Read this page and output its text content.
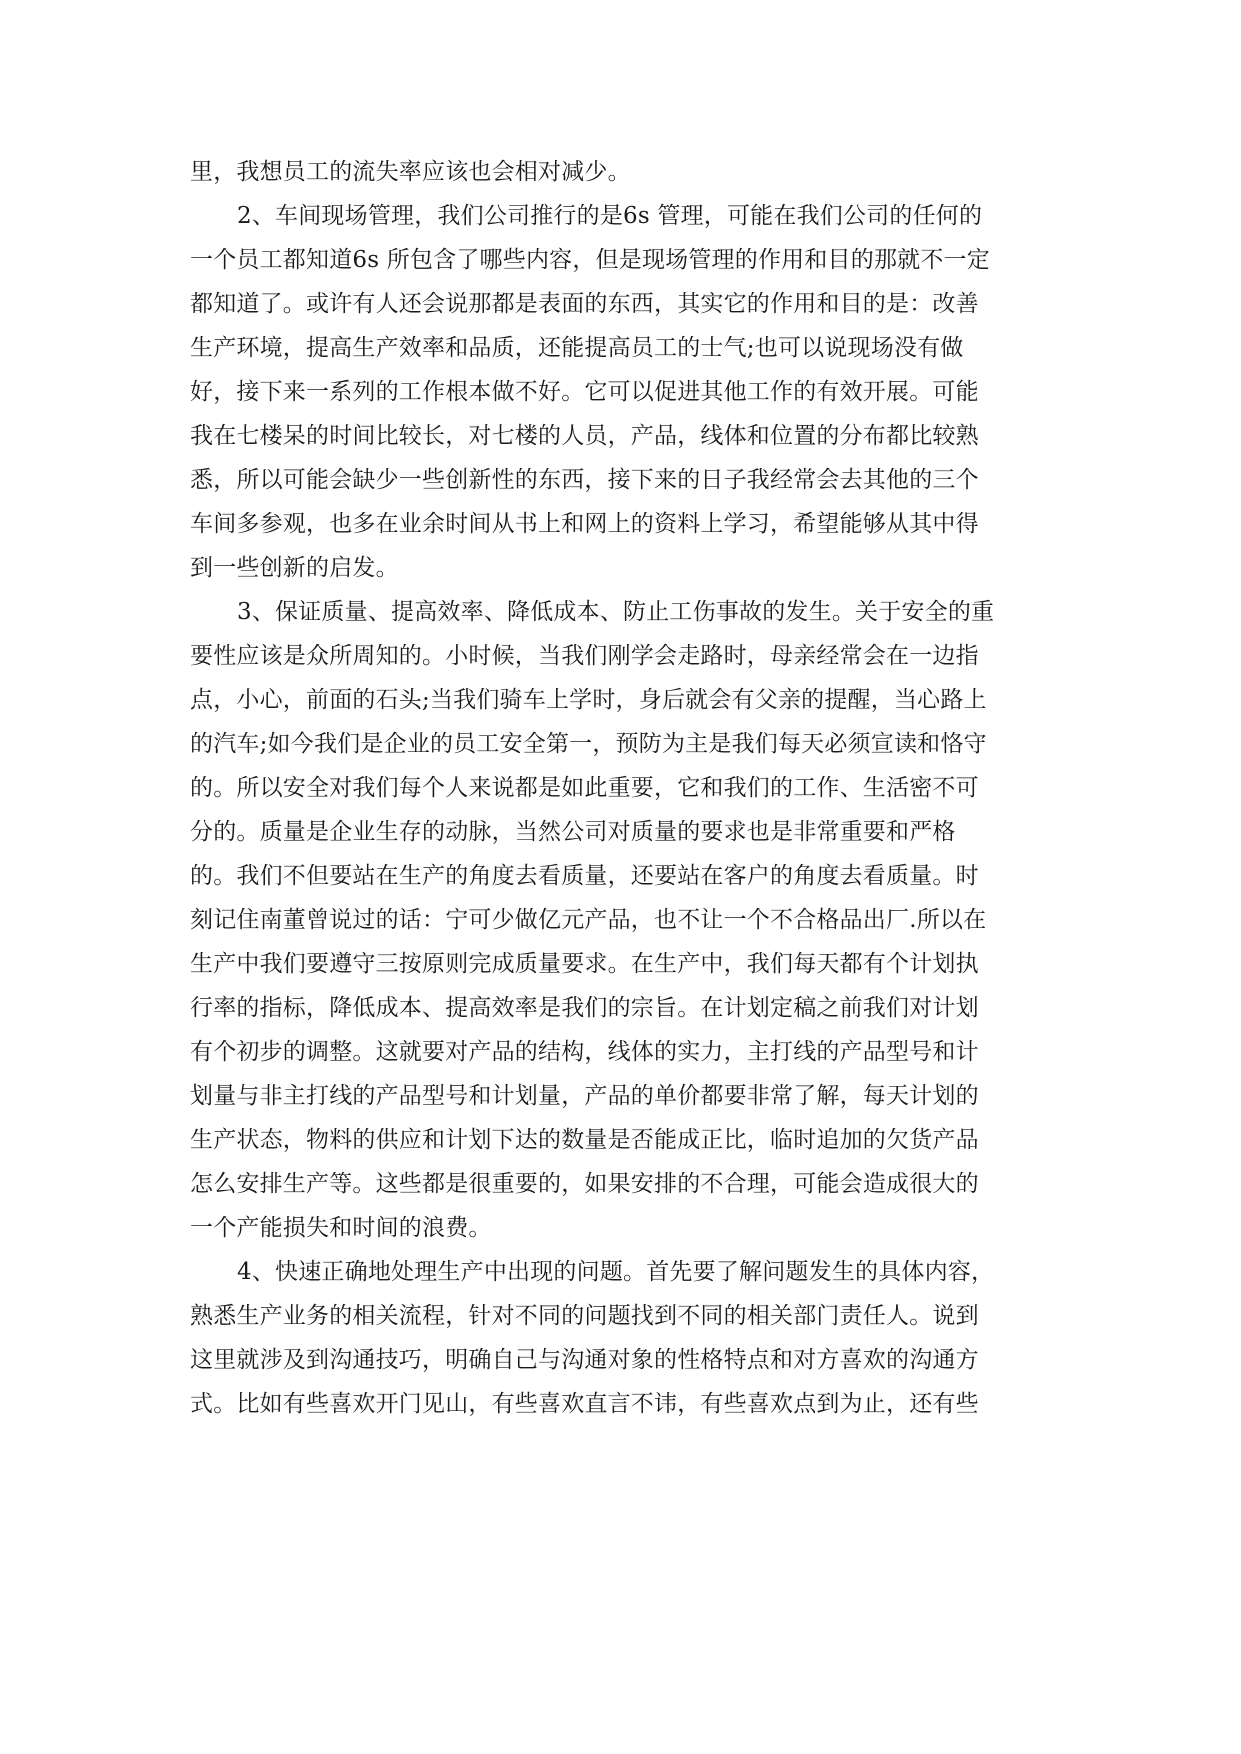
里，我想员工的流失率应该也会相对减少。
2、车间现场管理，我们公司推行的是6s 管理，可能在我们公司的任何的
一个员工都知道6s 所包含了哪些内容，但是现场管理的作用和目的那就不一定
都知道了。或许有人还会说那都是表面的东西，其实它的作用和目的是：改善
生产环境，提高生产效率和品质，还能提高员工的士气;也可以说现场没有做
好，接下来一系列的工作根本做不好。它可以促进其他工作的有效开展。可能
我在七楼呆的时间比较长，对七楼的人员，产品，线体和位置的分布都比较熟
悉，所以可能会缺少一些创新性的东西，接下来的日子我经常会去其他的三个
车间多参观，也多在业余时间从书上和网上的资料上学习，希望能够从其中得
到一些创新的启发。
3、保证质量、提高效率、降低成本、防止工伤事故的发生。关于安全的重
要性应该是众所周知的。小时候，当我们刚学会走路时，母亲经常会在一边指
点，小心，前面的石头;当我们骑车上学时，身后就会有父亲的提醒，当心路上
的汽车;如今我们是企业的员工安全第一，预防为主是我们每天必须宣读和恪守
的。所以安全对我们每个人来说都是如此重要，它和我们的工作、生活密不可
分的。质量是企业生存的动脉，当然公司对质量的要求也是非常重要和严格
的。我们不但要站在生产的角度去看质量，还要站在客户的角度去看质量。时
刻记住南董曾说过的话：宁可少做亿元产品，也不让一个不合格品出厂.所以在
生产中我们要遵守三按原则完成质量要求。在生产中，我们每天都有个计划执
行率的指标，降低成本、提高效率是我们的宗旨。在计划定稿之前我们对计划
有个初步的调整。这就要对产品的结构，线体的实力，主打线的产品型号和计
划量与非主打线的产品型号和计划量，产品的单价都要非常了解，每天计划的
生产状态，物料的供应和计划下达的数量是否能成正比，临时追加的欠货产品
怎么安排生产等。这些都是很重要的，如果安排的不合理，可能会造成很大的
一个产能损失和时间的浪费。
4、快速正确地处理生产中出现的问题。首先要了解问题发生的具体内容，
熟悉生产业务的相关流程，针对不同的问题找到不同的相关部门责任人。说到
这里就涉及到沟通技巧，明确自己与沟通对象的性格特点和对方喜欢的沟通方
式。比如有些喜欢开门见山，有些喜欢直言不讳，有些喜欢点到为止，还有些
